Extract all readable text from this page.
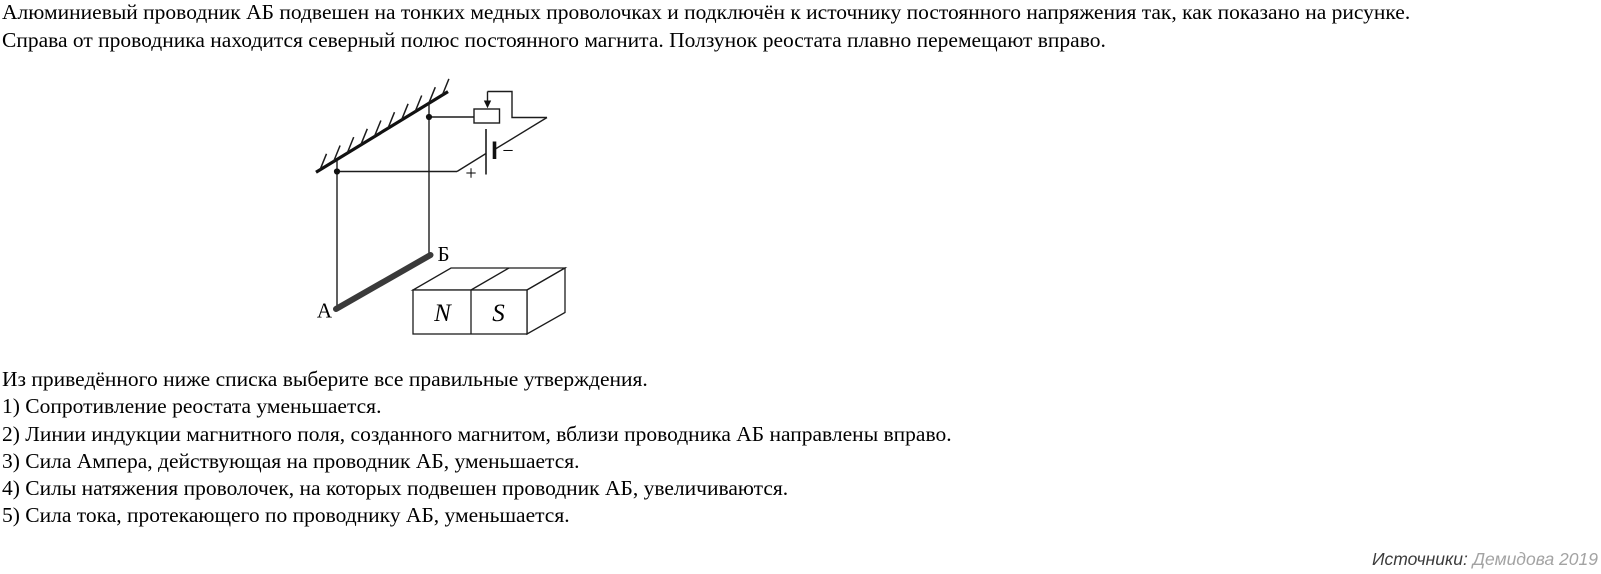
Алюминиевый проводник АБ подвешен на тонких медных проволочках и подключён к источнику постоянного напряжения так, как показано на рисунке.
Справа от проводника находится северный полюс постоянного магнита. Ползунок реостата плавно перемещают вправо.
+
−
N S
А
Б
Из приведённого ниже списка выберите все правильные утверждения.
1) Сопротивление реостата уменьшается.
2) Линии индукции магнитного поля, созданного магнитом, вблизи проводника АБ направлены вправо.
3) Сила Ампера, действующая на проводник АБ, уменьшается.
4) Силы натяжения проволочек, на которых подвешен проводник АБ, увеличиваются.
5) Сила тока, протекающего по проводнику АБ, уменьшается.
Источники: Демидова 2019
